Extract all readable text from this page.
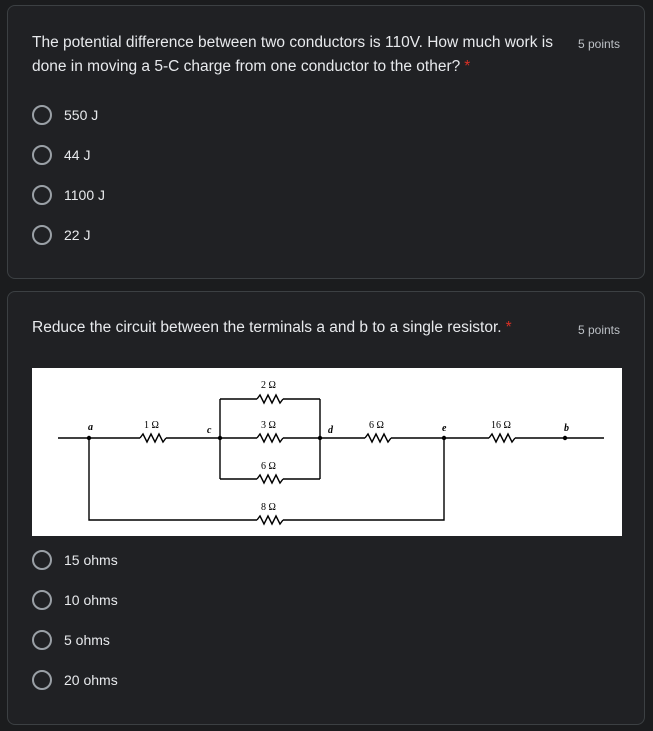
The potential difference between two conductors is 110V. How much work is done in moving a 5-C charge from one conductor to the other? *
5 points
550 J
44 J
1100 J
22 J
Reduce the circuit between the terminals a and b to a single resistor. *	5 points
2 Ω
3 Ω
6 Ω
8 Ω
1 Ω	6 Ω	16 Ω
a	c	d	e	b
15 ohms
10 ohms
5 ohms
20 ohms
